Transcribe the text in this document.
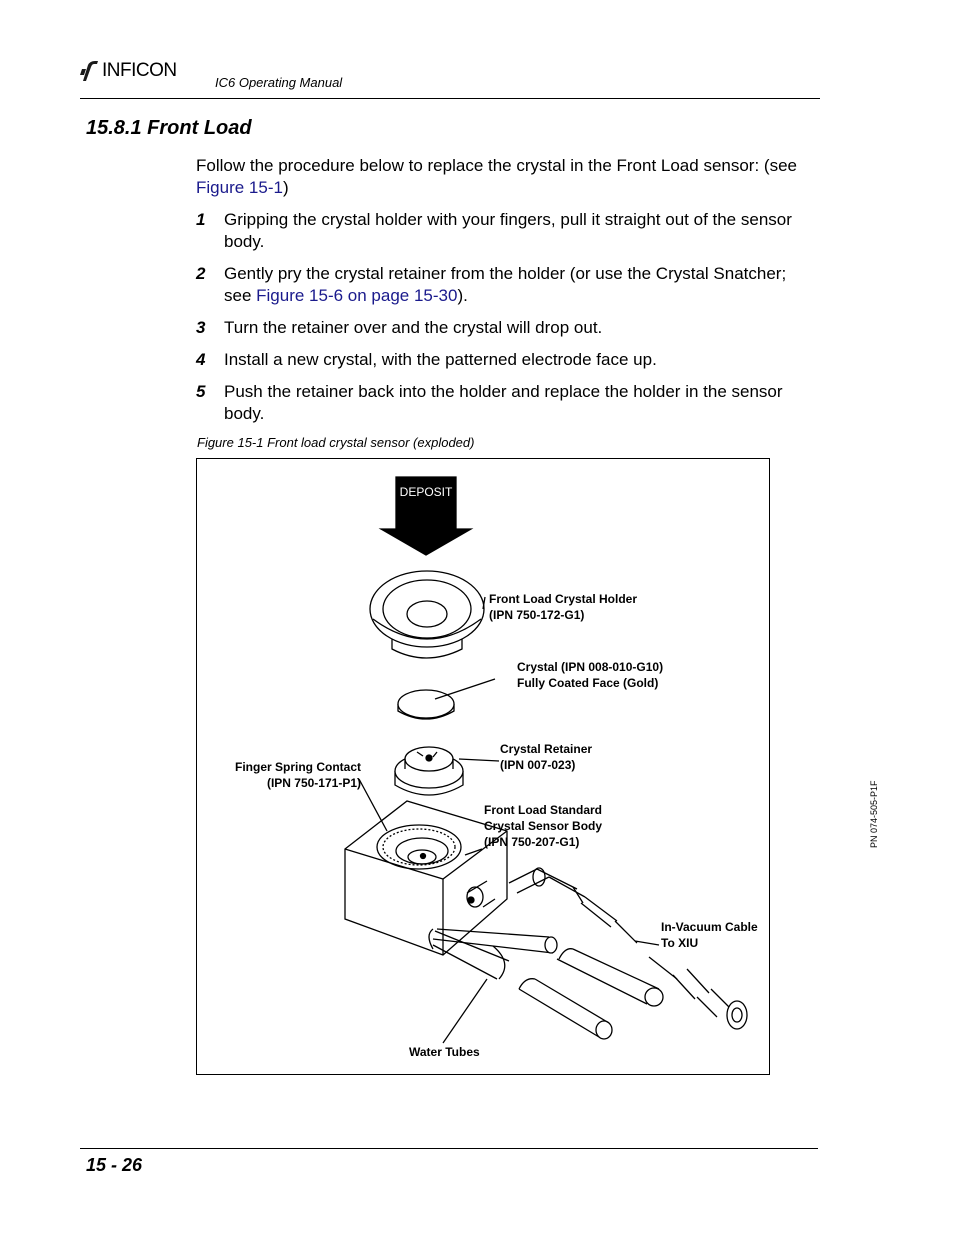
INFICON
IC6 Operating Manual
15.8.1 Front Load
Follow the procedure below to replace the crystal in the Front Load sensor: (see Figure 15-1)
1	Gripping the crystal holder with your fingers, pull it straight out of the sensor body.
2	Gently pry the crystal retainer from the holder (or use the Crystal Snatcher; see Figure 15-6 on page 15-30).
3	Turn the retainer over and the crystal will drop out.
4	Install a new crystal, with the patterned electrode face up.
5	Push the retainer back into the holder and replace the holder in the sensor body.
Figure 15-1 Front load crystal sensor (exploded)
DEPOSIT
Front Load Crystal Holder
(IPN 750-172-G1)
Crystal (IPN 008-010-G10)
Fully Coated Face (Gold)
Crystal Retainer
(IPN 007-023)
Finger Spring Contact
(IPN 750-171-P1)
Front Load Standard
Crystal Sensor Body
(IPN 750-207-G1)
In-Vacuum Cable
To XIU
Water Tubes
PN 074-505-P1F
15 - 26
